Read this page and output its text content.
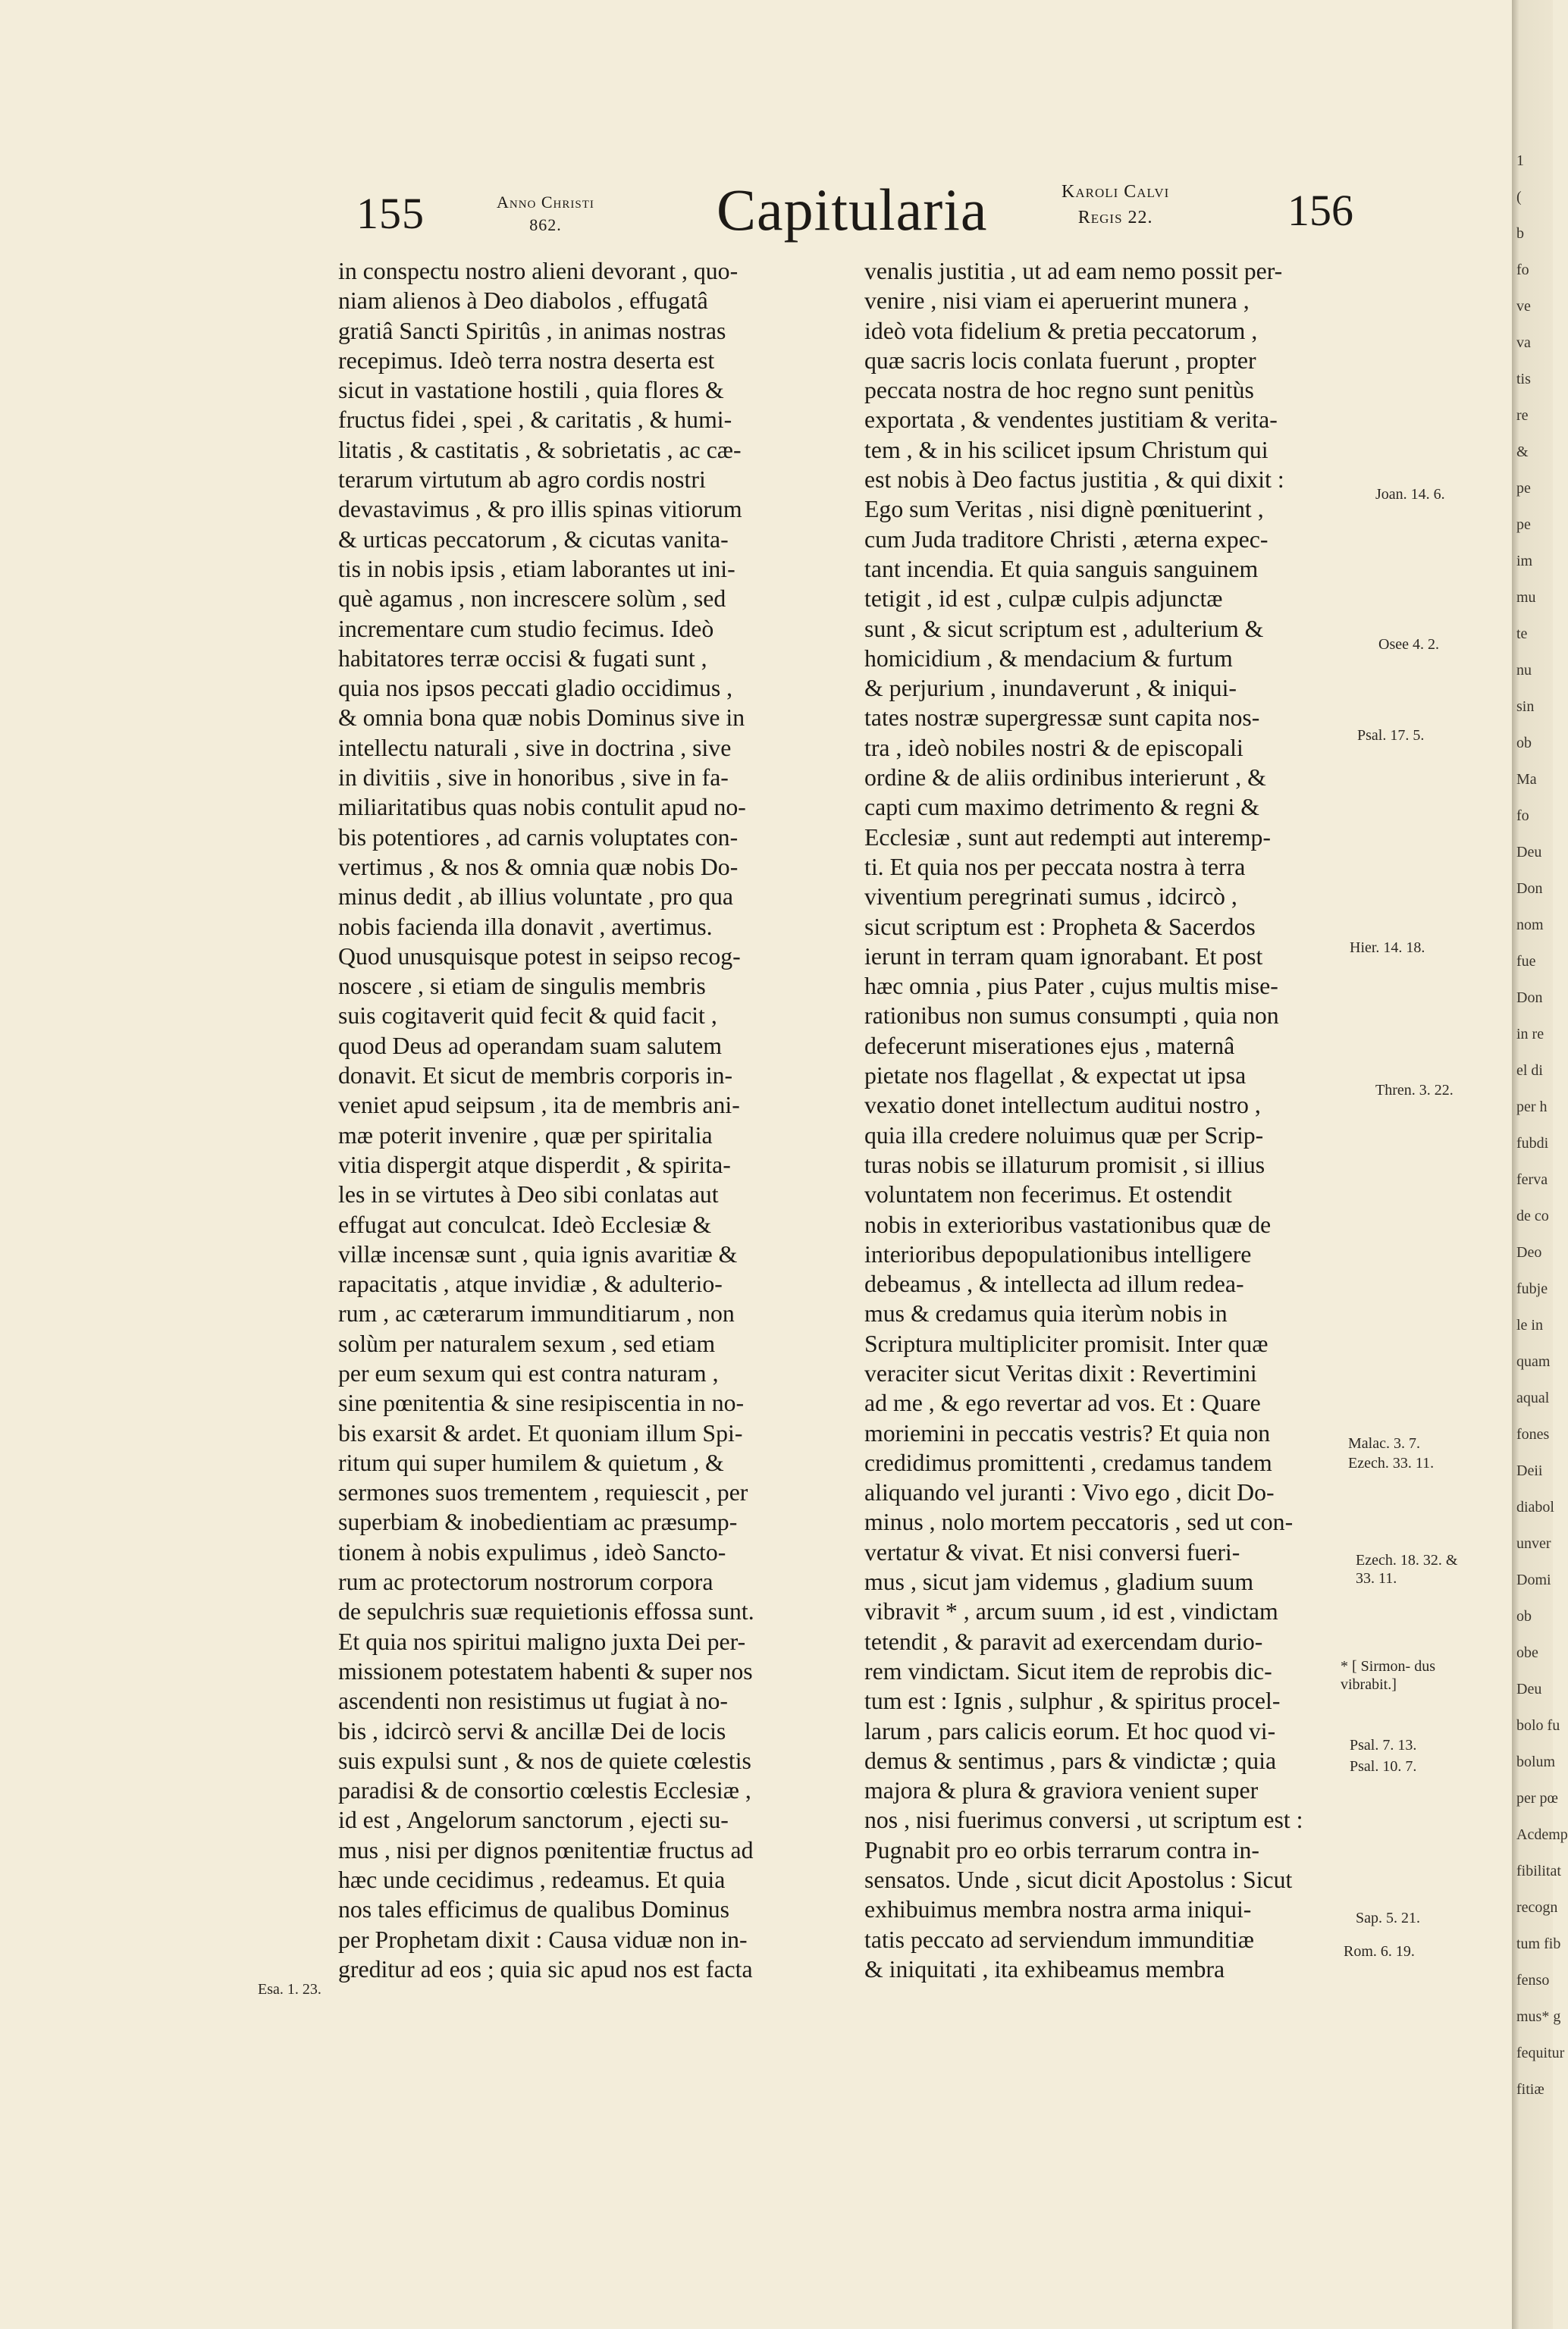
155	Anno Christi
862.	Capitularia	Karoli Calvi
Regis 22.	156
in conspectu nostro alieni devorant , quo-
niam alienos à Deo diabolos , effugatâ
gratiâ Sancti Spiritûs , in animas nostras
recepimus. Ideò terra nostra deserta est
sicut in vastatione hostili , quia flores &
fructus fidei , spei , & caritatis , & humi-
litatis , & castitatis , & sobrietatis , ac cæ-
terarum virtutum ab agro cordis nostri
devastavimus , & pro illis spinas vitiorum
& urticas peccatorum , & cicutas vanita-
tis in nobis ipsis , etiam laborantes ut ini-
què agamus , non increscere solùm , sed
incrementare cum studio fecimus. Ideò
habitatores terræ occisi & fugati sunt ,
quia nos ipsos peccati gladio occidimus ,
& omnia bona quæ nobis Dominus sive in
intellectu naturali , sive in doctrina , sive
in divitiis , sive in honoribus , sive in fa-
miliaritatibus quas nobis contulit apud no-
bis potentiores , ad carnis voluptates con-
vertimus , & nos & omnia quæ nobis Do-
minus dedit , ab illius voluntate , pro qua
nobis facienda illa donavit , avertimus.
Quod unusquisque potest in seipso recog-
noscere , si etiam de singulis membris
suis cogitaverit quid fecit & quid facit ,
quod Deus ad operandam suam salutem
donavit. Et sicut de membris corporis in-
veniet apud seipsum , ita de membris ani-
mæ poterit invenire , quæ per spiritalia
vitia dispergit atque disperdit , & spirita-
les in se virtutes à Deo sibi conlatas aut
effugat aut conculcat. Ideò Ecclesiæ &
villæ incensæ sunt , quia ignis avaritiæ &
rapacitatis , atque invidiæ , & adulterio-
rum , ac cæterarum immunditiarum , non
solùm per naturalem sexum , sed etiam
per eum sexum qui est contra naturam ,
sine pœnitentia & sine resipiscentia in no-
bis exarsit & ardet. Et quoniam illum Spi-
ritum qui super humilem & quietum , &
sermones suos trementem , requiescit , per
superbiam & inobedientiam ac præsump-
tionem à nobis expulimus , ideò Sancto-
rum ac protectorum nostrorum corpora
de sepulchris suæ requietionis effossa sunt.
Et quia nos spiritui maligno juxta Dei per-
missionem potestatem habenti & super nos
ascendenti non resistimus ut fugiat à no-
bis , idcircò servi & ancillæ Dei de locis
suis expulsi sunt , & nos de quiete cœlestis
paradisi & de consortio cœlestis Ecclesiæ ,
id est , Angelorum sanctorum , ejecti su-
mus , nisi per dignos pœnitentiæ fructus ad
hæc unde cecidimus , redeamus. Et quia
nos tales efficimus de qualibus Dominus
per Prophetam dixit : Causa viduæ non in-
greditur ad eos ; quia sic apud nos est facta
venalis justitia , ut ad eam nemo possit per-
venire , nisi viam ei aperuerint munera ,
ideò vota fidelium & pretia peccatorum ,
quæ sacris locis conlata fuerunt , propter
peccata nostra de hoc regno sunt penitùs
exportata , & vendentes justitiam & verita-
tem , & in his scilicet ipsum Christum qui
est nobis à Deo factus justitia , & qui dixit :
Ego sum Veritas , nisi dignè pœnituerint ,
cum Juda traditore Christi , æterna expec-
tant incendia. Et quia sanguis sanguinem
tetigit , id est , culpæ culpis adjunctæ
sunt , & sicut scriptum est , adulterium &
homicidium , & mendacium & furtum
& perjurium , inundaverunt , & iniqui-
tates nostræ supergressæ sunt capita nos-
tra , ideò nobiles nostri & de episcopali
ordine & de aliis ordinibus interierunt , &
capti cum maximo detrimento & regni &
Ecclesiæ , sunt aut redempti aut interemp-
ti. Et quia nos per peccata nostra à terra
viventium peregrinati sumus , idcircò ,
sicut scriptum est : Propheta & Sacerdos
ierunt in terram quam ignorabant. Et post
hæc omnia , pius Pater , cujus multis mise-
rationibus non sumus consumpti , quia non
defecerunt miserationes ejus , maternâ
pietate nos flagellat , & expectat ut ipsa
vexatio donet intellectum auditui nostro ,
quia illa credere noluimus quæ per Scrip-
turas nobis se illaturum promisit , si illius
voluntatem non fecerimus. Et ostendit
nobis in exterioribus vastationibus quæ de
interioribus depopulationibus intelligere
debeamus , & intellecta ad illum redea-
mus & credamus quia iterùm nobis in
Scriptura multipliciter promisit. Inter quæ
veraciter sicut Veritas dixit : Revertimini
ad me , & ego revertar ad vos. Et : Quare
moriemini in peccatis vestris? Et quia non
credidimus promittenti , credamus tandem
aliquando vel juranti : Vivo ego , dicit Do-
minus , nolo mortem peccatoris , sed ut con-
vertatur & vivat. Et nisi conversi fueri-
mus , sicut jam videmus , gladium suum
vibravit * , arcum suum , id est , vindictam
tetendit , & paravit ad exercendam durio-
rem vindictam. Sicut item de reprobis dic-
tum est : Ignis , sulphur , & spiritus procel-
larum , pars calicis eorum. Et hoc quod vi-
demus & sentimus , pars & vindictæ ; quia
majora & plura & graviora venient super
nos , nisi fuerimus conversi , ut scriptum est :
Pugnabit pro eo orbis terrarum contra in-
sensatos. Unde , sicut dicit Apostolus : Sicut
exhibuimus membra nostra arma iniqui-
tatis peccato ad serviendum immunditiæ
& iniquitati , ita exhibeamus membra
Esa. 1. 23.
Joan. 14. 6.
Osee 4. 2.
Psal. 17. 5.
Hier. 14. 18.
Thren. 3. 22.
Malac. 3. 7.
Ezech. 33. 11.
Ezech. 18. 32. & 33. 11.
* [ Sirmon- dus vibrabit.]
Psal. 7. 13.
Psal. 10. 7.
Sap. 5. 21.
Rom. 6. 19.
1
(
b
fo
ve
va
tis
re
&
pe
pe
im
mu
te
nu
sin
ob
Ma
fo
Deu
Don
nom
fue
Don
in re
el di
per h
fubdi
ferva
de co
Deo
fubje
le in
quam
aqual
fones
Deii
diabol
unver
Domi
ob
obe
Deu
bolo fu
bolum
per pœ
Acdemp
fibilitat
recogn
tum fib
fenso
mus* g
fequitur
fitiæ
